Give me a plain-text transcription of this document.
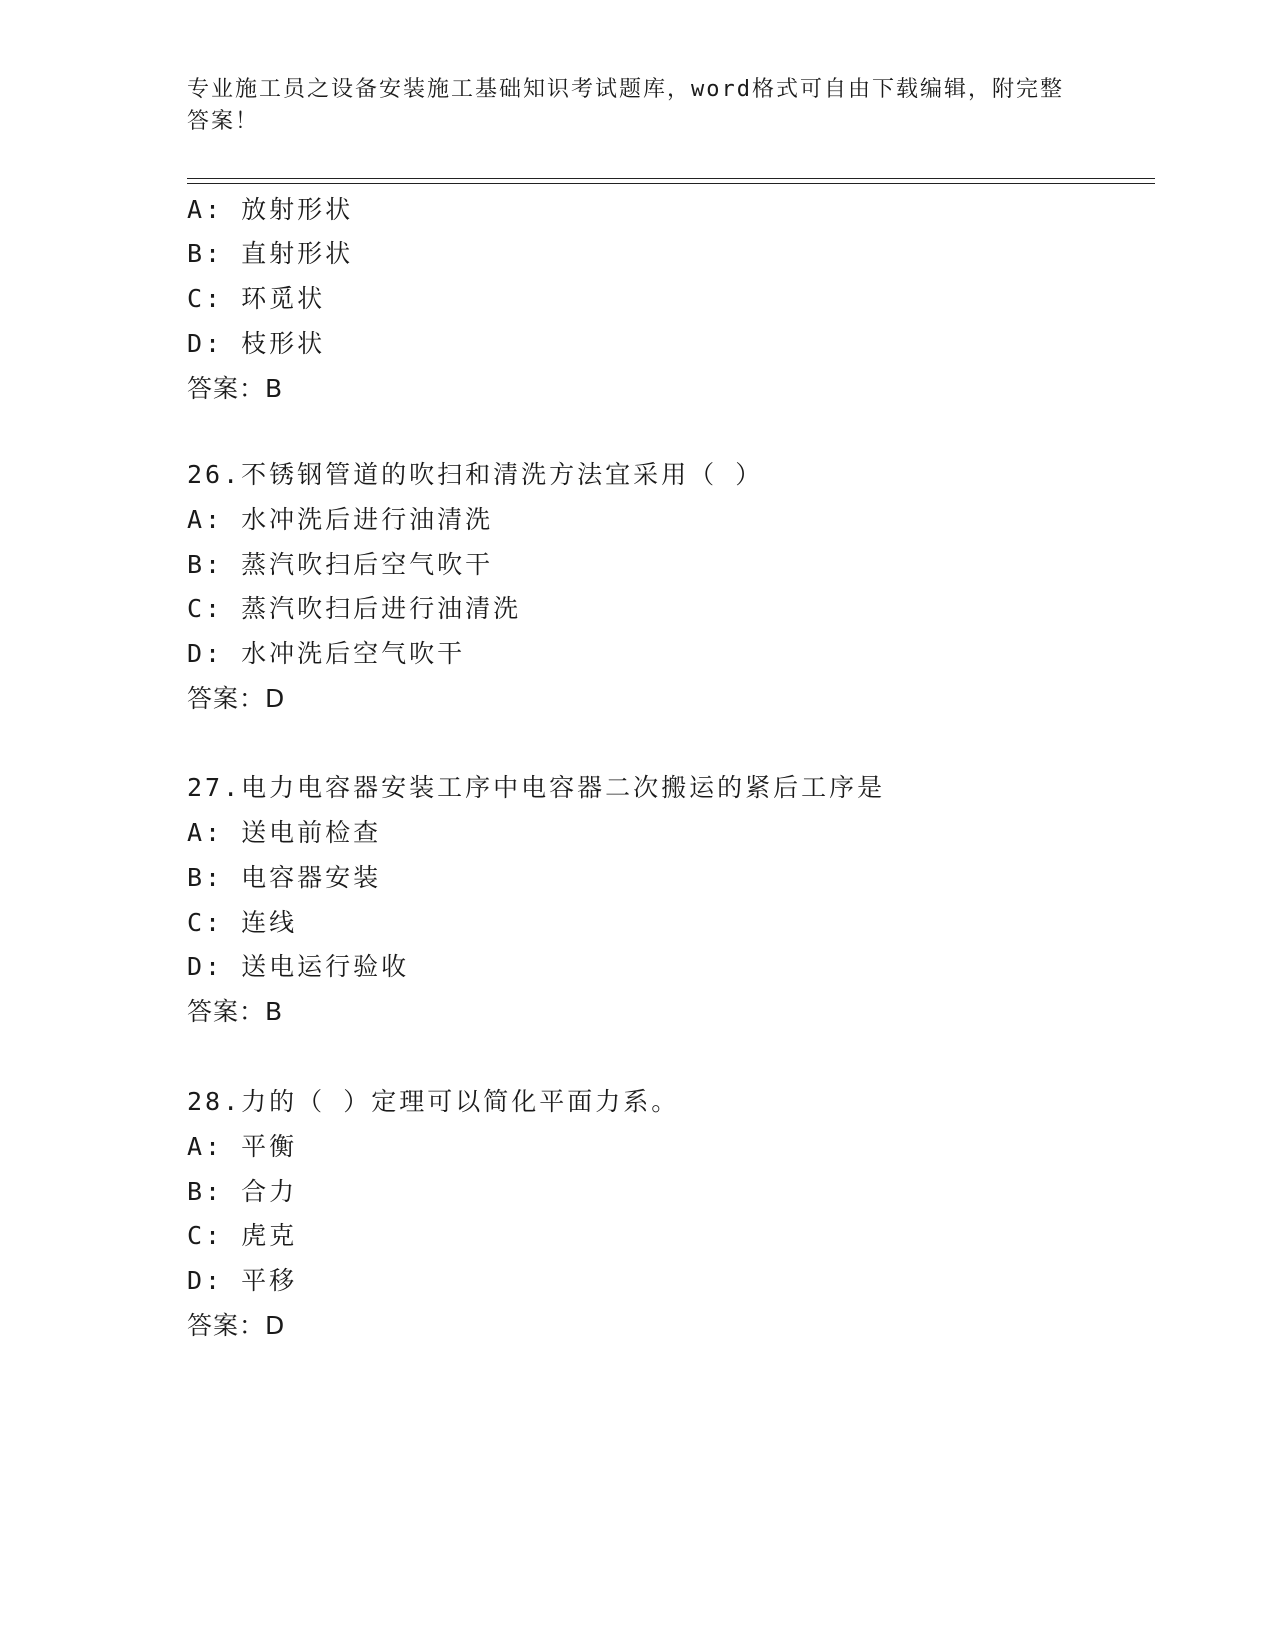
专业施工员之设备安装施工基础知识考试题库，word格式可自由下载编辑，附完整答案！
A: 放射形状
B: 直射形状
C: 环觅状
D: 枝形状
答案：B
26.不锈钢管道的吹扫和清洗方法宜采用（ ）
A: 水冲洗后进行油清洗
B: 蒸汽吹扫后空气吹干
C: 蒸汽吹扫后进行油清洗
D: 水冲洗后空气吹干
答案：D
27.电力电容器安装工序中电容器二次搬运的紧后工序是
A: 送电前检查
B: 电容器安装
C: 连线
D: 送电运行验收
答案：B
28.力的（ ）定理可以简化平面力系。
A: 平衡
B: 合力
C: 虎克
D: 平移
答案：D
